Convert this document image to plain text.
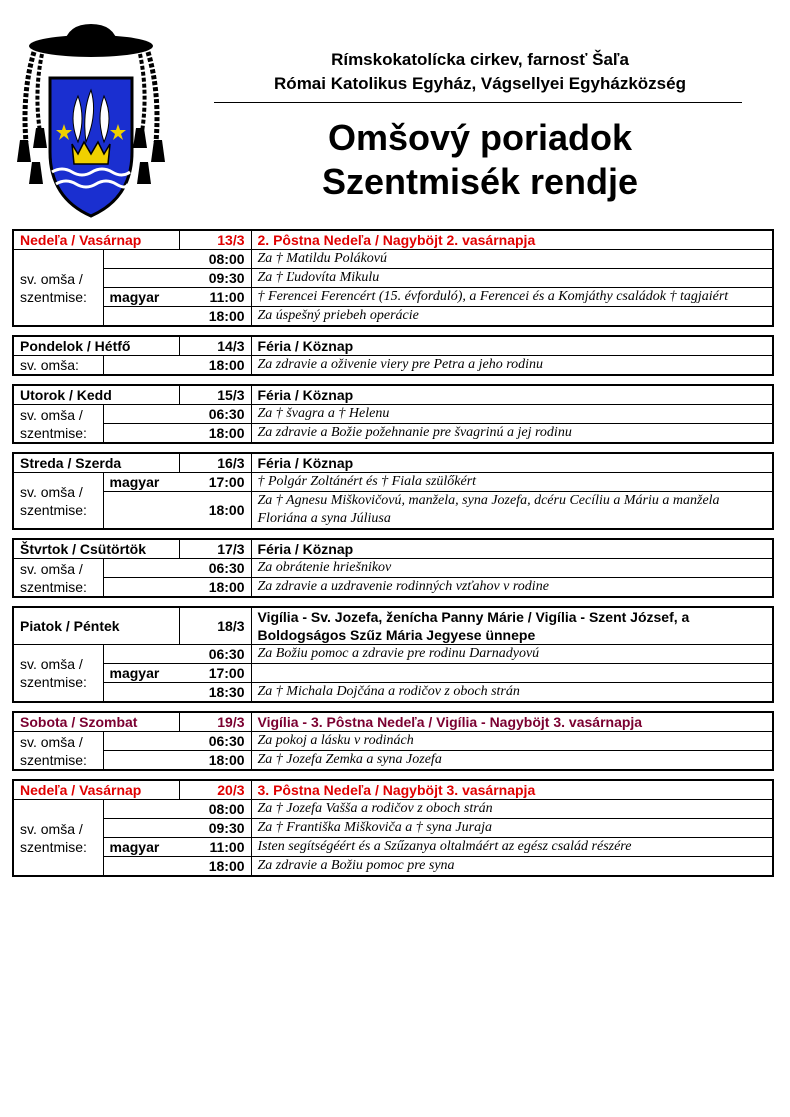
Rímskokatolícka cirkev, farnosť Šaľa
Római Katolikus Egyház, Vágsellyei Egyházközség
Omšový poriadok
Szentmisék rendje
Nedeľa / Vasárnap		13/3	2. Pôstna Nedeľa / Nagyböjt 2. vasárnapja
sv. omša / szentmise:		08:00	Za † Matildu Polákovú
		09:30	Za † Ľudovíta Mikulu
	magyar	11:00	† Ferencei Ferencért (15. évforduló), a Ferencei és a Komjáthy családok † tagjaiért
		18:00	Za úspešný priebeh operácie
Pondelok / Hétfő		14/3	Féria / Köznap
sv. omša:		18:00	Za zdravie a oživenie viery pre Petra a jeho rodinu
Utorok / Kedd		15/3	Féria / Köznap
sv. omša / szentmise:		06:30	Za † švagra a † Helenu
		18:00	Za zdravie a Božie požehnanie pre švagrinú a jej rodinu
Streda / Szerda		16/3	Féria / Köznap
sv. omša / szentmise:	magyar	17:00	† Polgár Zoltánért és † Fiala szülőkért
		18:00	Za † Agnesu Miškovičovú, manžela, syna Jozefa, dcéru Cecíliu a Máriu a manžela Floriána a syna Júliusa
Štvrtok / Csütörtök		17/3	Féria / Köznap
sv. omša / szentmise:		06:30	Za obrátenie hriešnikov
		18:00	Za zdravie a uzdravenie rodinných vzťahov v rodine
Piatok / Péntek		18/3	Vigília - Sv. Jozefa, ženícha Panny Márie / Vigília - Szent József, a Boldogságos Szűz Mária Jegyese ünnepe
sv. omša / szentmise:		06:30	Za Božiu pomoc a zdravie pre rodinu Darnadyovú
	magyar	17:00	
		18:30	Za † Michala Dojčána a rodičov z oboch strán
Sobota / Szombat		19/3	Vigília - 3. Pôstna Nedeľa / Vigília - Nagyböjt 3. vasárnapja
sv. omša / szentmise:		06:30	Za pokoj a lásku v rodinách
		18:00	Za † Jozefa Zemka a syna Jozefa
Nedeľa / Vasárnap		20/3	3. Pôstna Nedeľa / Nagyböjt 3. vasárnapja
sv. omša / szentmise:		08:00	Za † Jozefa Vašša a rodičov z oboch strán
		09:30	Za † Františka Miškoviča a † syna Juraja
	magyar	11:00	Isten segítségéért és a Szűzanya oltalmáért az egész család részére
		18:00	Za zdravie a Božiu pomoc pre syna
